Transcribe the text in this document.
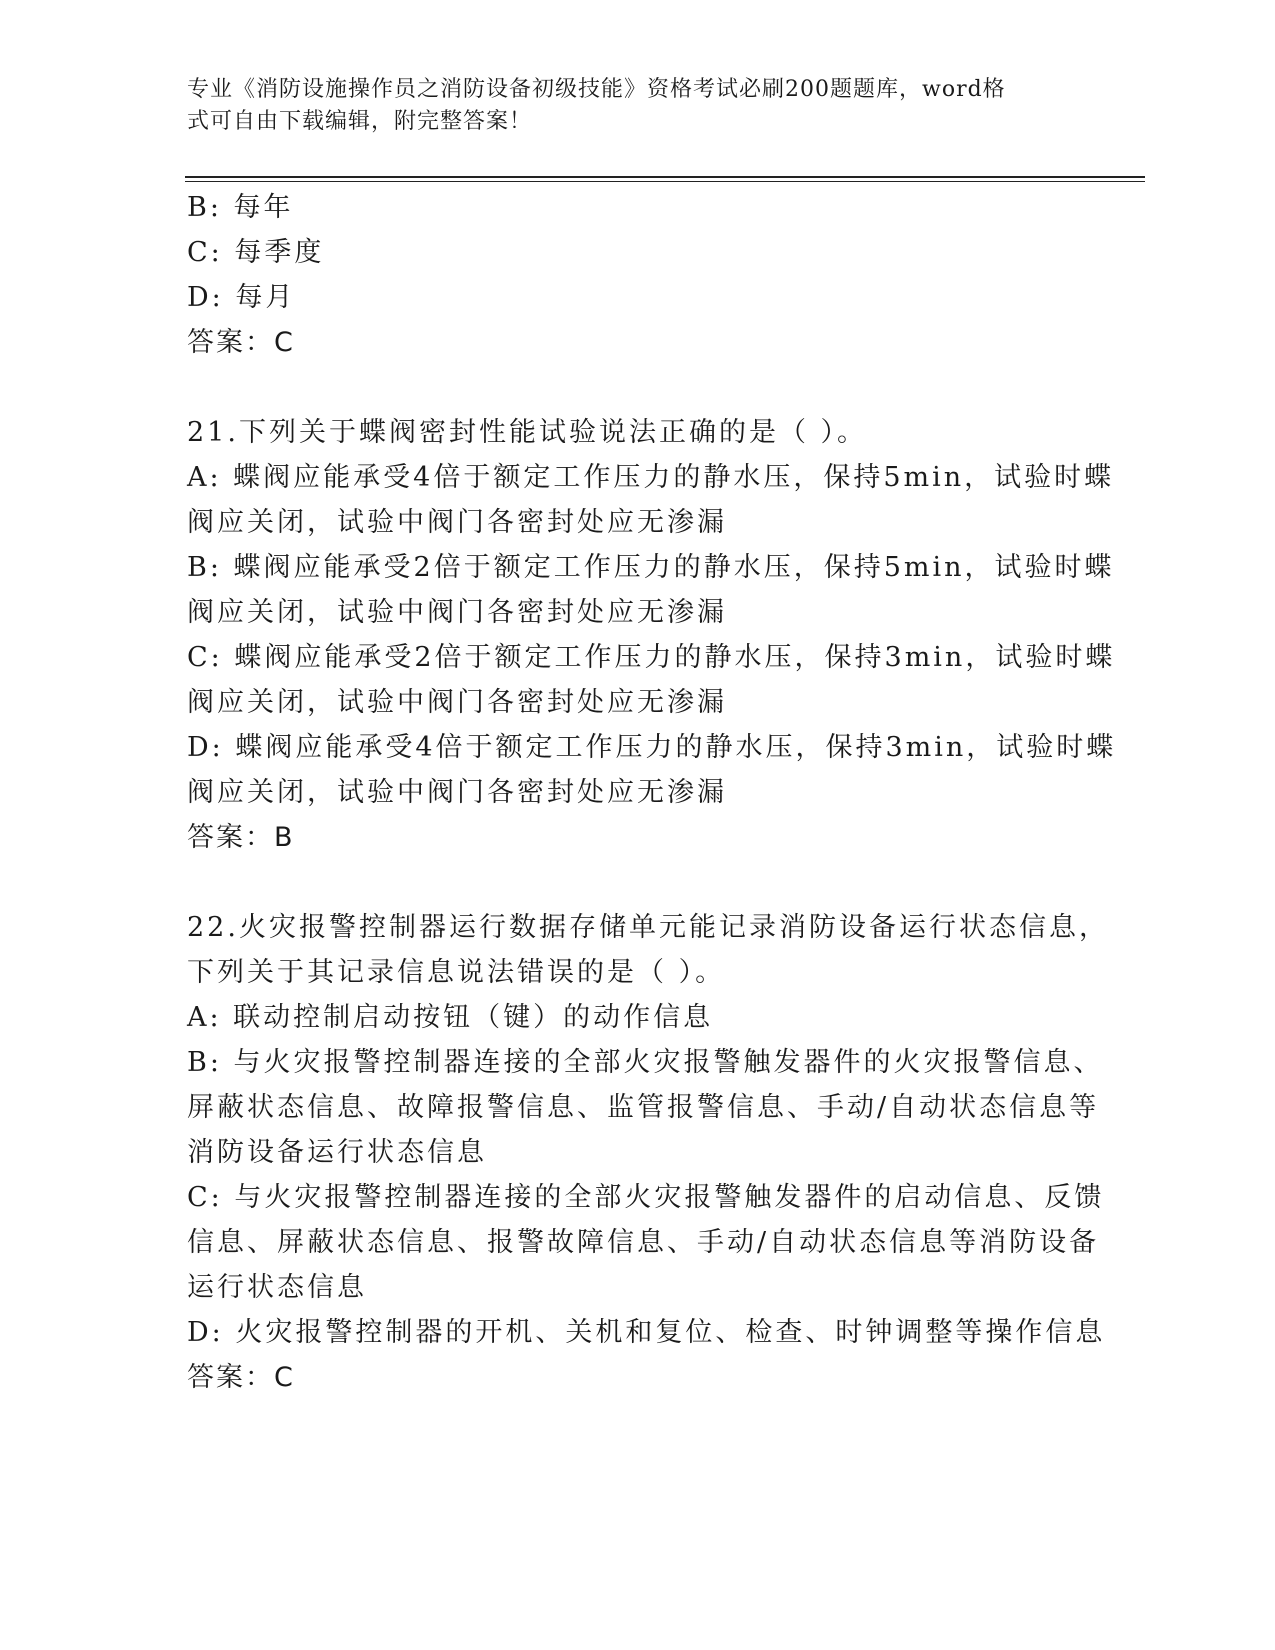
专业《消防设施操作员之消防设备初级技能》资格考试必刷200题题库，word格
式可自由下载编辑，附完整答案！
B: 每年
C: 每季度
D: 每月
答案：C
21.下列关于蝶阀密封性能试验说法正确的是（ ）。
A: 蝶阀应能承受4倍于额定工作压力的静水压，保持5min，试验时蝶
阀应关闭，试验中阀门各密封处应无渗漏
B: 蝶阀应能承受2倍于额定工作压力的静水压，保持5min，试验时蝶
阀应关闭，试验中阀门各密封处应无渗漏
C: 蝶阀应能承受2倍于额定工作压力的静水压，保持3min，试验时蝶
阀应关闭，试验中阀门各密封处应无渗漏
D: 蝶阀应能承受4倍于额定工作压力的静水压，保持3min，试验时蝶
阀应关闭，试验中阀门各密封处应无渗漏
答案：B
22.火灾报警控制器运行数据存储单元能记录消防设备运行状态信息，
下列关于其记录信息说法错误的是（ ）。
A: 联动控制启动按钮（键）的动作信息
B: 与火灾报警控制器连接的全部火灾报警触发器件的火灾报警信息、
屏蔽状态信息、故障报警信息、监管报警信息、手动/自动状态信息等
消防设备运行状态信息
C: 与火灾报警控制器连接的全部火灾报警触发器件的启动信息、反馈
信息、屏蔽状态信息、报警故障信息、手动/自动状态信息等消防设备
运行状态信息
D: 火灾报警控制器的开机、关机和复位、检查、时钟调整等操作信息
答案：C
